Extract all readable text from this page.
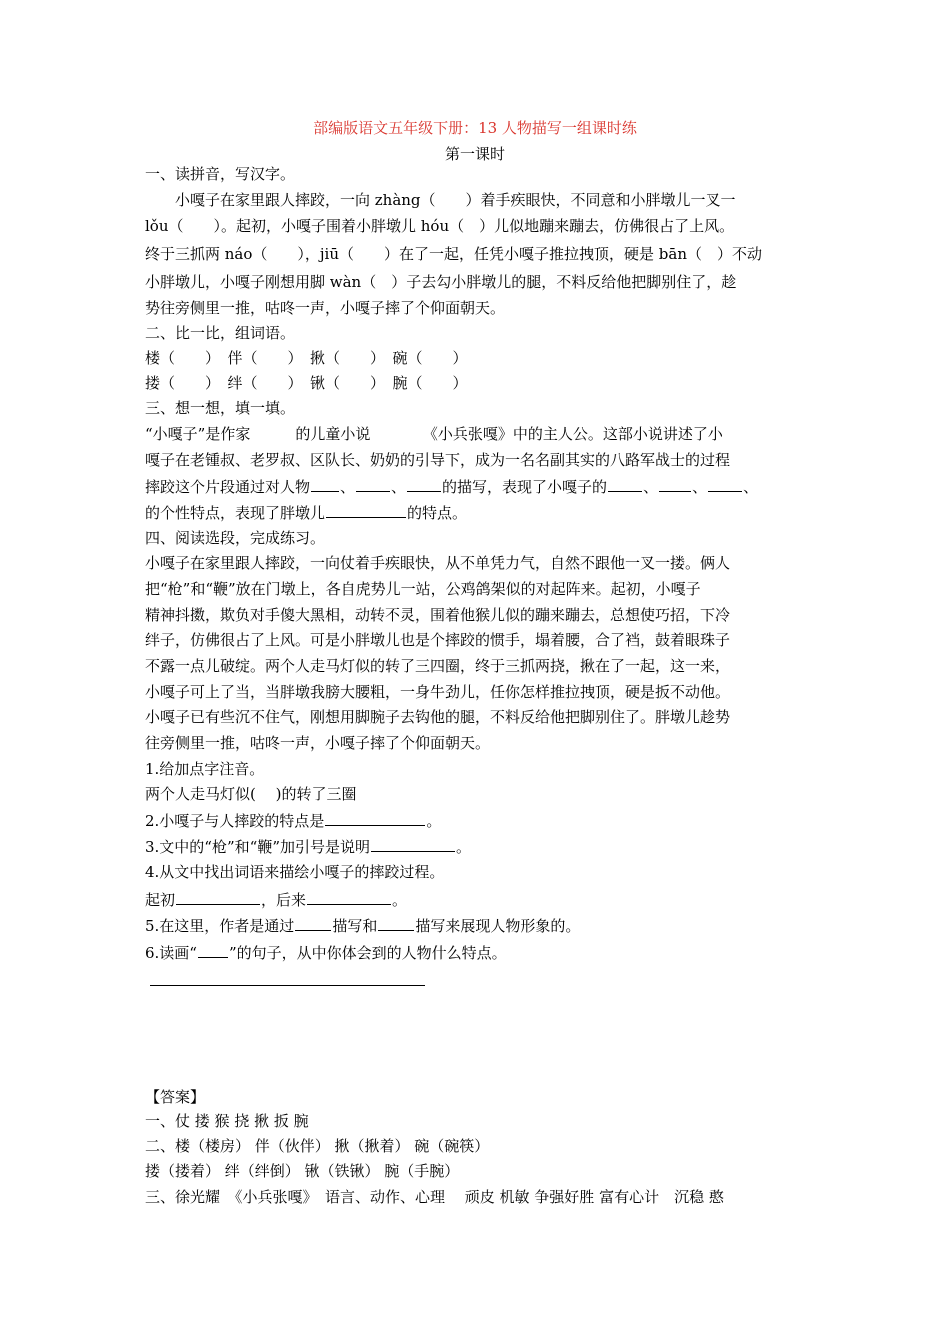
部编版语文五年级下册：13 人物描写一组课时练
第一课时
一、读拼音，写汉字。
　　小嘎子在家里跟人摔跤，一向 zhàng（　　）着手疾眼快，不同意和小胖墩儿一叉一
lǒu（　　）。起初，小嘎子围着小胖墩儿 hóu（　）儿似地蹦来蹦去，仿佛很占了上风。
终于三抓两 náo（　　），jiū（　　）在了一起，任凭小嘎子推拉拽顶，硬是 bān（　）不动
小胖墩儿，小嘎子刚想用脚 wàn（　）子去勾小胖墩儿的腿，不料反给他把脚别住了，趁
势往旁侧里一推，咕咚一声，小嘎子摔了个仰面朝天。
二、比一比，组词语。
楼（　　）　伴（　　）　揪（　　）　碗（　　）
搂（　　）　绊（　　）　锹（　　）　腕（　　）
三、想一想，填一填。
“小嘎子”是作家　　　的儿童小说　　　　《小兵张嘎》中的主人公。这部小说讲述了小
嘎子在老锺叔、老罗叔、区队长、奶奶的引导下，成为一名名副其实的八路军战士的过程
摔跤这个片段通过对人物 、 、 的描写，表现了小嘎子的 、 、 、
的个性特点，表现了胖墩儿	的特点。
四、阅读选段，完成练习。
小嘎子在家里跟人摔跤，一向仗着手疾眼快，从不单凭力气，自然不跟他一叉一搂。俩人
把“枪”和“鞭”放在门墩上，各自虎势儿一站，公鸡鸽架似的对起阵来。起初，小嘎子
精神抖擞，欺负对手傻大黑相，动转不灵，围着他猴儿似的蹦来蹦去，总想使巧招，下冷
绊子，仿佛很占了上风。可是小胖墩儿也是个摔跤的惯手，塌着腰，合了裆，鼓着眼珠子
不露一点儿破绽。两个人走马灯似的转了三四圈，终于三抓两挠，揪在了一起，这一来，
小嘎子可上了当，当胖墩我膀大腰粗，一身牛劲儿，任你怎样推拉拽顶，硬是扳不动他。
小嘎子已有些沉不住气，刚想用脚腕子去钩他的腿，不料反给他把脚别住了。胖墩儿趁势
往旁侧里一推，咕咚一声，小嘎子摔了个仰面朝天。
1.给加点字注音。
两个人走马灯似(　 )的转了三圈
2.小嘎子与人摔跤的特点是	。
3.文中的“枪”和“鞭”加引号是说明	。
4.从文中找出词语来描绘小嘎子的摔跤过程。
起初	，后来	。
5.在这里，作者是通过	描写和	描写来展现人物形象的。
6.读画“ ”的句子，从中你体会到的人物什么特点。
【答案】
一、仗 搂 猴 挠 揪 扳 腕
二、楼（楼房） 伴（伙伴） 揪（揪着） 碗（碗筷）
搂（搂着） 绊（绊倒） 锹（铁锹） 腕（手腕）
三、徐光耀　《小兵张嘎》　语言、动作、心理　 顽皮 机敏 争强好胜 富有心计　沉稳 憨
